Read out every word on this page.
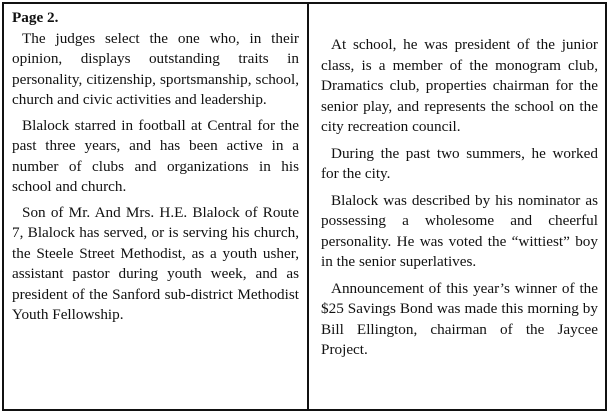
Page 2.

The judges select the one who, in their opinion, displays outstanding traits in personality, citizenship, sportsmanship, school, church and civic activities and leadership.

Blalock starred in football at Central for the past three years, and has been active in a number of clubs and organizations in his school and church.

Son of Mr. And Mrs. H.E. Blalock of Route 7, Blalock has served, or is serving his church, the Steele Street Methodist, as a youth usher, assistant pastor during youth week, and as president of the Sanford sub-district Methodist Youth Fellowship.

At school, he was president of the junior class, is a member of the monogram club, Dramatics club, properties chairman for the senior play, and represents the school on the city recreation council.

During the past two summers, he worked for the city.

Blalock was described by his nominator as possessing a wholesome and cheerful personality. He was voted the “wittiest” boy in the senior superlatives.

Announcement of this year’s winner of the $25 Savings Bond was made this morning by Bill Ellington, chairman of the Jaycee Project.
